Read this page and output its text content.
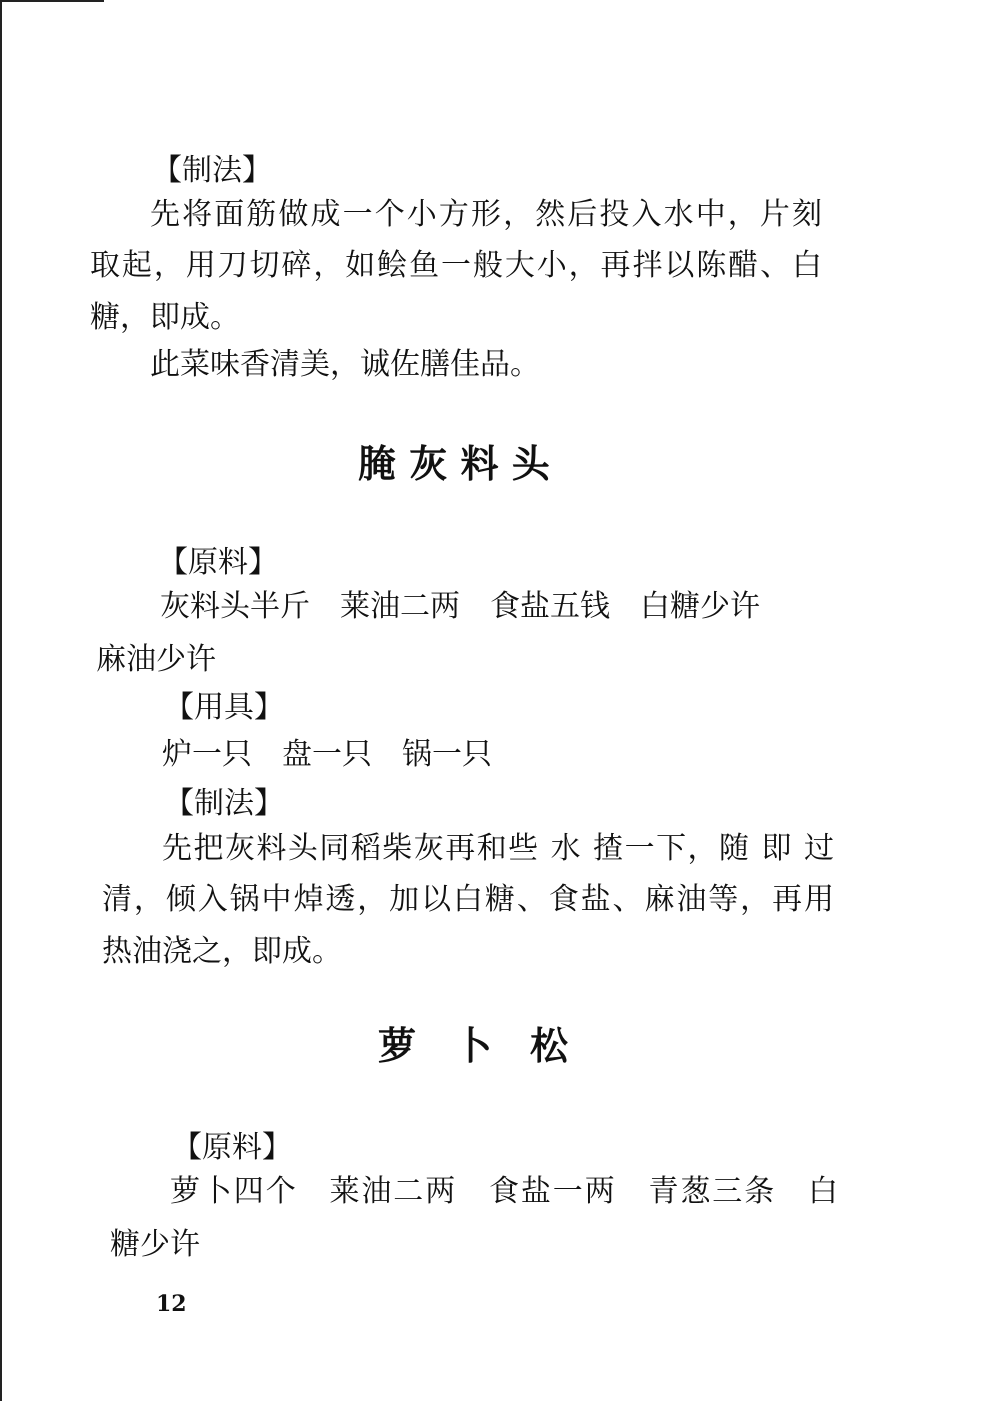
【制法】
先将面筋做成一个小方形，然后投入水中，片刻
取起，用刀切碎，如鲙鱼一般大小，再拌以陈醋、白
糖，即成。
此菜味香清美，诚佐膳佳品。
腌 灰 料 头
【原料】
灰料头半斤　莱油二两　食盐五钱　白糖少许
麻油少许
【用具】
炉一只　盘一只　锅一只
【制法】
先把灰料头同稻柴灰再和些 水 揸一下，随 即 过
清，倾入锅中焯透，加以白糖、食盐、麻油等，再用
热油浇之，即成。
萝　卜　松
【原料】
萝卜四个　莱油二两　食盐一两　青葱三条　白
糖少许
12
